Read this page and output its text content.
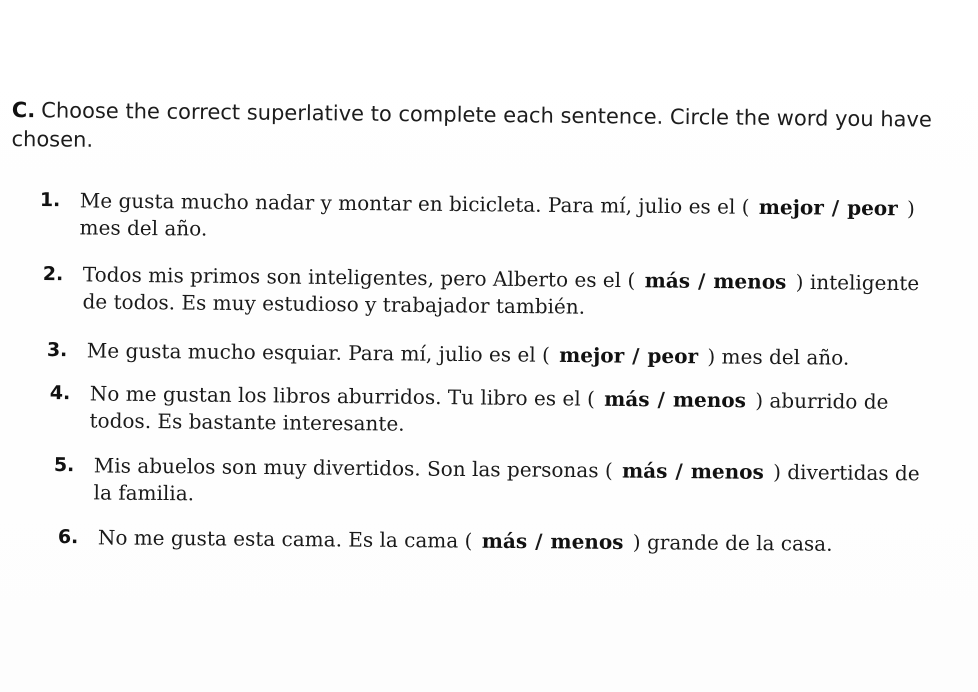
C. Choose the correct superlative to complete each sentence. Circle the word you have chosen.
1. Me gusta mucho nadar y montar en bicicleta. Para mí, julio es el ( mejor / peor ) mes del año.
2. Todos mis primos son inteligentes, pero Alberto es el ( más / menos ) inteligente de todos. Es muy estudioso y trabajador también.
3. Me gusta mucho esquiar. Para mí, julio es el ( mejor / peor ) mes del año.
4. No me gustan los libros aburridos. Tu libro es el ( más / menos ) aburrido de todos. Es bastante interesante.
5. Mis abuelos son muy divertidos. Son las personas ( más / menos ) divertidas de la familia.
6. No me gusta esta cama. Es la cama ( más / menos ) grande de la casa.
